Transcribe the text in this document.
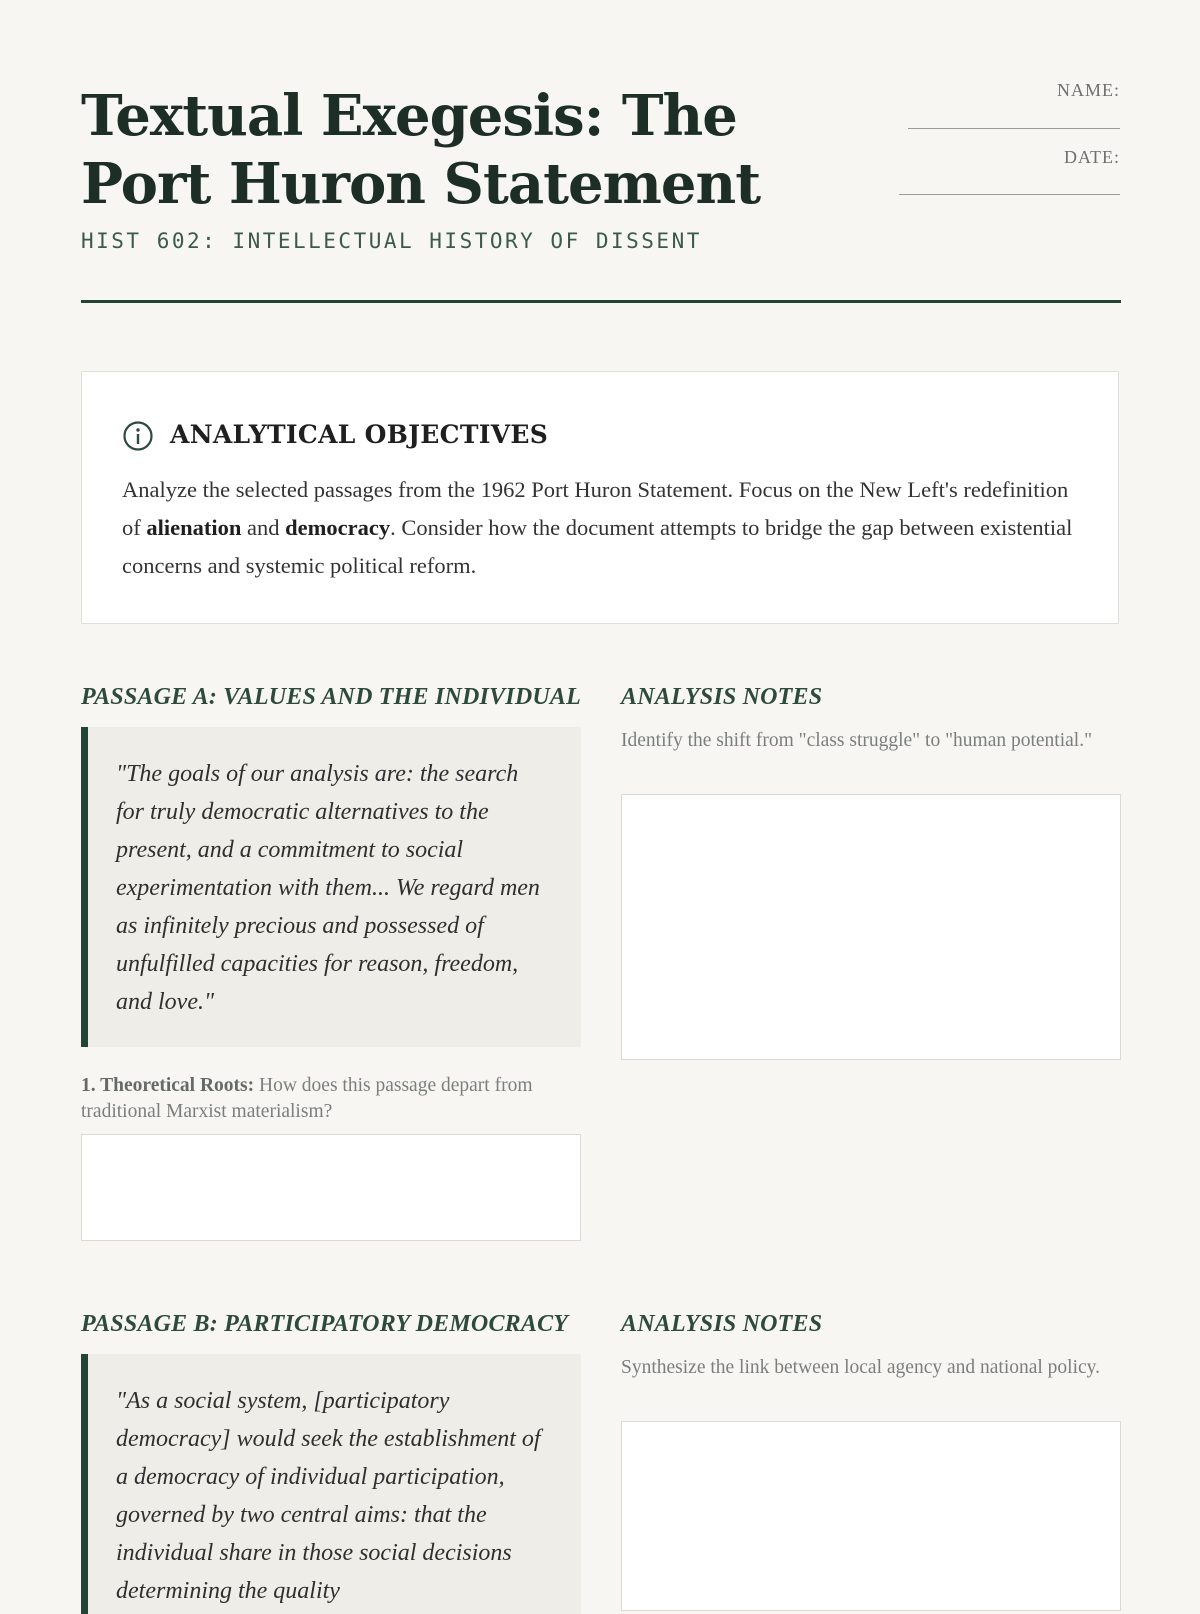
Textual Exegesis: The Port Huron Statement
HIST 602: INTELLECTUAL HISTORY OF DISSENT
NAME:
DATE:
ANALYTICAL OBJECTIVES

Analyze the selected passages from the 1962 Port Huron Statement. Focus on the New Left's redefinition of alienation and democracy. Consider how the document attempts to bridge the gap between existential concerns and systemic political reform.

PASSAGE A: VALUES AND THE INDIVIDUAL

"The goals of our analysis are: the search for truly democratic alternatives to the present, and a commitment to social experimentation with them... We regard men as infinitely precious and possessed of unfulfilled capacities for reason, freedom, and love."

ANALYSIS NOTES

Identify the shift from "class struggle" to "human potential."

1. Theoretical Roots: How does this passage depart from traditional Marxist materialism?

PASSAGE B: PARTICIPATORY DEMOCRACY

"As a social system, [participatory democracy] would seek the establishment of a democracy of individual participation, governed by two central aims: that the individual share in those social decisions determining the quality

ANALYSIS NOTES

Synthesize the link between local agency and national policy.
